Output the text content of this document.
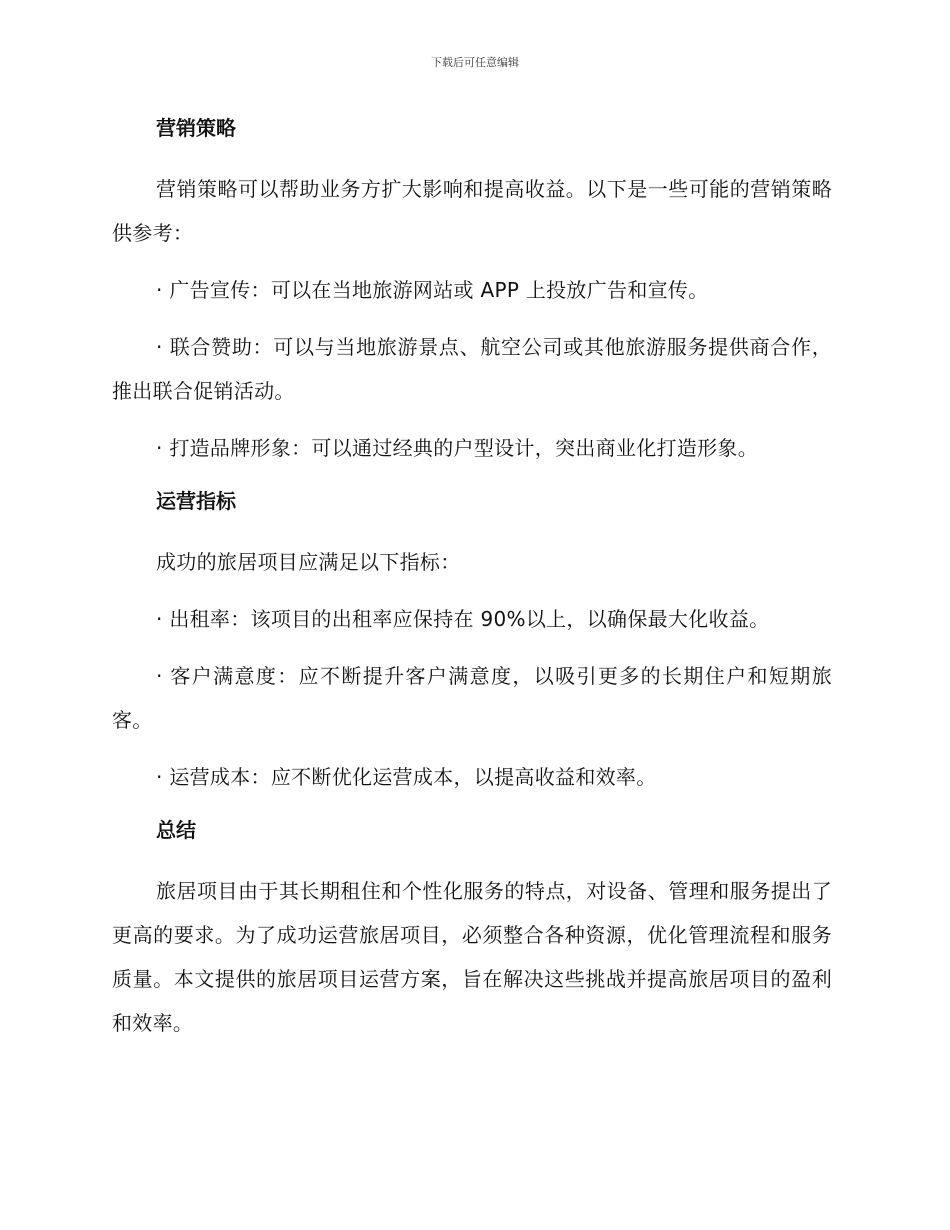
下载后可任意编辑
营销策略

营销策略可以帮助业务方扩大影响和提高收益。以下是一些可能的营销策略供参考：

· 广告宣传：可以在当地旅游网站或 APP 上投放广告和宣传。

· 联合赞助：可以与当地旅游景点、航空公司或其他旅游服务提供商合作，推出联合促销活动。

· 打造品牌形象：可以通过经典的户型设计，突出商业化打造形象。

运营指标

成功的旅居项目应满足以下指标：

· 出租率：该项目的出租率应保持在 90%以上，以确保最大化收益。

· 客户满意度：应不断提升客户满意度，以吸引更多的长期住户和短期旅客。

· 运营成本：应不断优化运营成本，以提高收益和效率。

总结

旅居项目由于其长期租住和个性化服务的特点，对设备、管理和服务提出了更高的要求。为了成功运营旅居项目，必须整合各种资源，优化管理流程和服务质量。本文提供的旅居项目运营方案，旨在解决这些挑战并提高旅居项目的盈利和效率。
